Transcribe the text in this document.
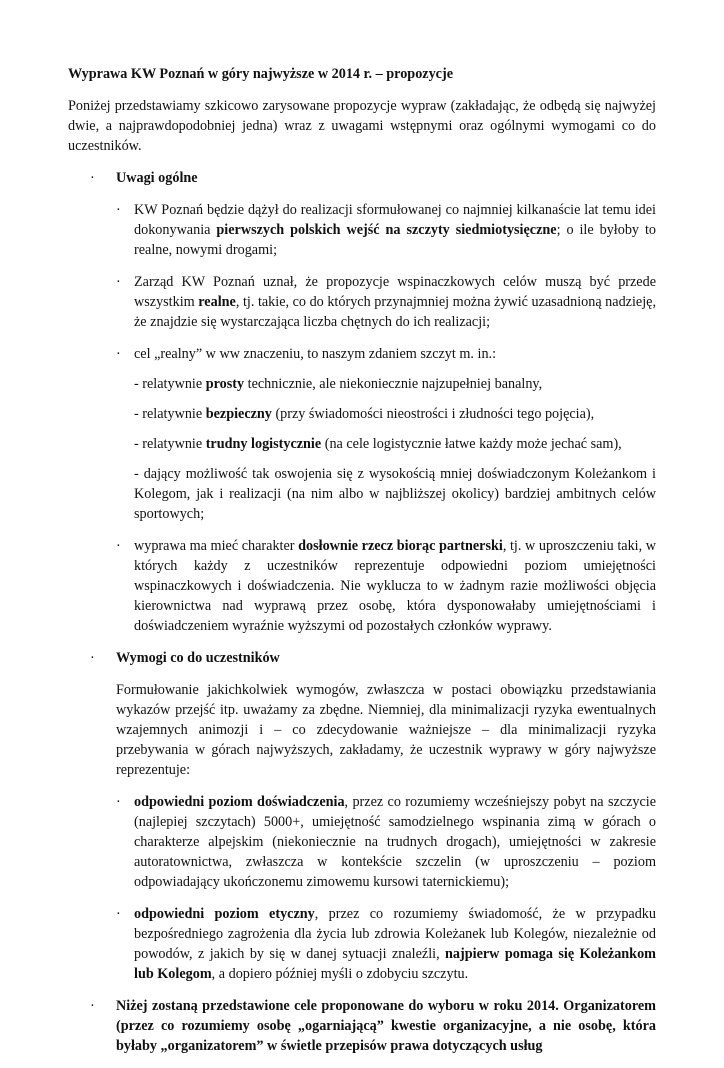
Wyprawa KW Poznań w góry najwyższe w 2014 r. – propozycje

Poniżej przedstawiamy szkicowo zarysowane propozycje wypraw (zakładając, że odbędą się najwyżej dwie, a najprawdopodobniej jedna) wraz z uwagami wstępnymi oraz ogólnymi wymogami co do uczestników.

· Uwagi ogólne

· KW Poznań będzie dążył do realizacji sformułowanej co najmniej kilkanaście lat temu idei dokonywania pierwszych polskich wejść na szczyty siedmiotysięczne; o ile byłoby to realne, nowymi drogami;

· Zarząd KW Poznań uznał, że propozycje wspinaczkowych celów muszą być przede wszystkim realne, tj. takie, co do których przynajmniej można żywić uzasadnioną nadzieję, że znajdzie się wystarczająca liczba chętnych do ich realizacji;

· cel „realny” w ww znaczeniu, to naszym zdaniem szczyt m. in.:

- relatywnie prosty technicznie, ale niekoniecznie najzupełniej banalny,

- relatywnie bezpieczny (przy świadomości nieostrości i złudności tego pojęcia),

- relatywnie trudny logistycznie (na cele logistycznie łatwe każdy może jechać sam),

- dający możliwość tak oswojenia się z wysokością mniej doświadczonym Koleżankom i Kolegom, jak i realizacji (na nim albo w najbliższej okolicy) bardziej ambitnych celów sportowych;

· wyprawa ma mieć charakter dosłownie rzecz biorąc partnerski, tj. w uproszczeniu taki, w których każdy z uczestników reprezentuje odpowiedni poziom umiejętności wspinaczkowych i doświadczenia. Nie wyklucza to w żadnym razie możliwości objęcia kierownictwa nad wyprawą przez osobę, która dysponowałaby umiejętnościami i doświadczeniem wyraźnie wyższymi od pozostałych członków wyprawy.

· Wymogi co do uczestników

Formułowanie jakichkolwiek wymogów, zwłaszcza w postaci obowiązku przedstawiania wykazów przejść itp. uważamy za zbędne. Niemniej, dla minimalizacji ryzyka ewentualnych wzajemnych animozji i – co zdecydowanie ważniejsze – dla minimalizacji ryzyka przebywania w górach najwyższych, zakładamy, że uczestnik wyprawy w góry najwyższe reprezentuje:

· odpowiedni poziom doświadczenia, przez co rozumiemy wcześniejszy pobyt na szczycie (najlepiej szczytach) 5000+, umiejętność samodzielnego wspinania zimą w górach o charakterze alpejskim (niekoniecznie na trudnych drogach), umiejętności w zakresie autoratownictwa, zwłaszcza w kontekście szczelin (w uproszczeniu – poziom odpowiadający ukończonemu zimowemu kursowi taternickiemu);

· odpowiedni poziom etyczny, przez co rozumiemy świadomość, że w przypadku bezpośredniego zagrożenia dla życia lub zdrowia Koleżanek lub Kolegów, niezależnie od powodów, z jakich by się w danej sytuacji znaleźli, najpierw pomaga się Koleżankom lub Kolegom, a dopiero później myśli o zdobyciu szczytu.

· Niżej zostaną przedstawione cele proponowane do wyboru w roku 2014. Organizatorem (przez co rozumiemy osobę „ogarniającą” kwestie organizacyjne, a nie osobę, która byłaby „organizatorem” w świetle przepisów prawa dotyczących usług
